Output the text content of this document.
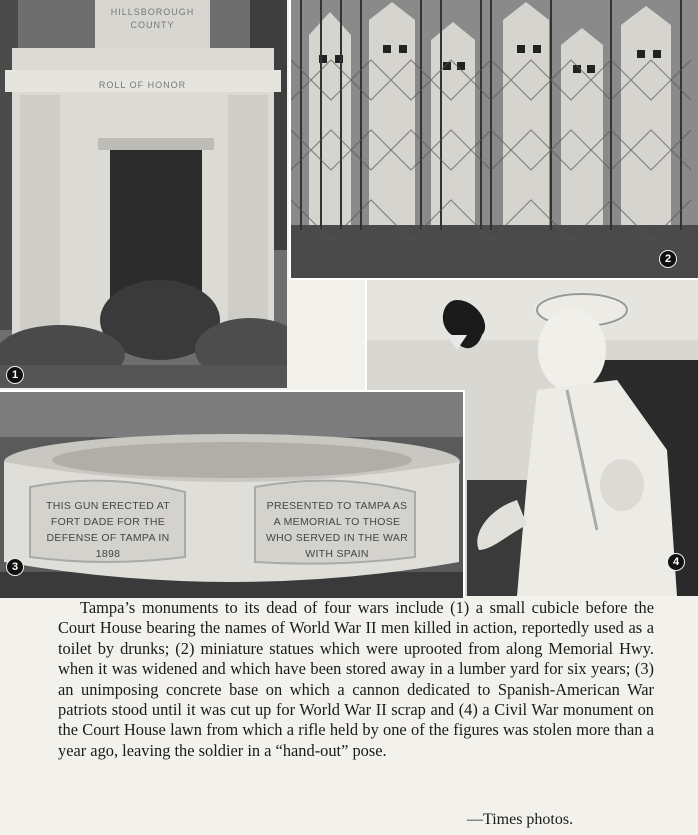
HILLSBOROUGH COUNTY
ROLL OF HONOR
1
2
4
THIS GUN ERECTED AT FORT DADE FOR THE DEFENSE OF TAMPA IN 1898
PRESENTED TO TAMPA AS A MEMORIAL TO THOSE WHO SERVED IN THE WAR WITH SPAIN
3

Tampa’s monuments to its dead of four wars include (1) a small cubicle before the Court House bearing the names of World War II men killed in action, reportedly used as a toilet by drunks; (2) miniature statues which were uprooted from along Memorial Hwy. when it was widened and which have been stored away in a lumber yard for six years; (3) an unimposing concrete base on which a cannon dedicated to Spanish-American War patriots stood until it was cut up for World War II scrap and (4) a Civil War monument on the Court House lawn from which a rifle held by one of the figures was stolen more than a year ago, leaving the soldier in a “hand-out” pose.

—Times photos.
